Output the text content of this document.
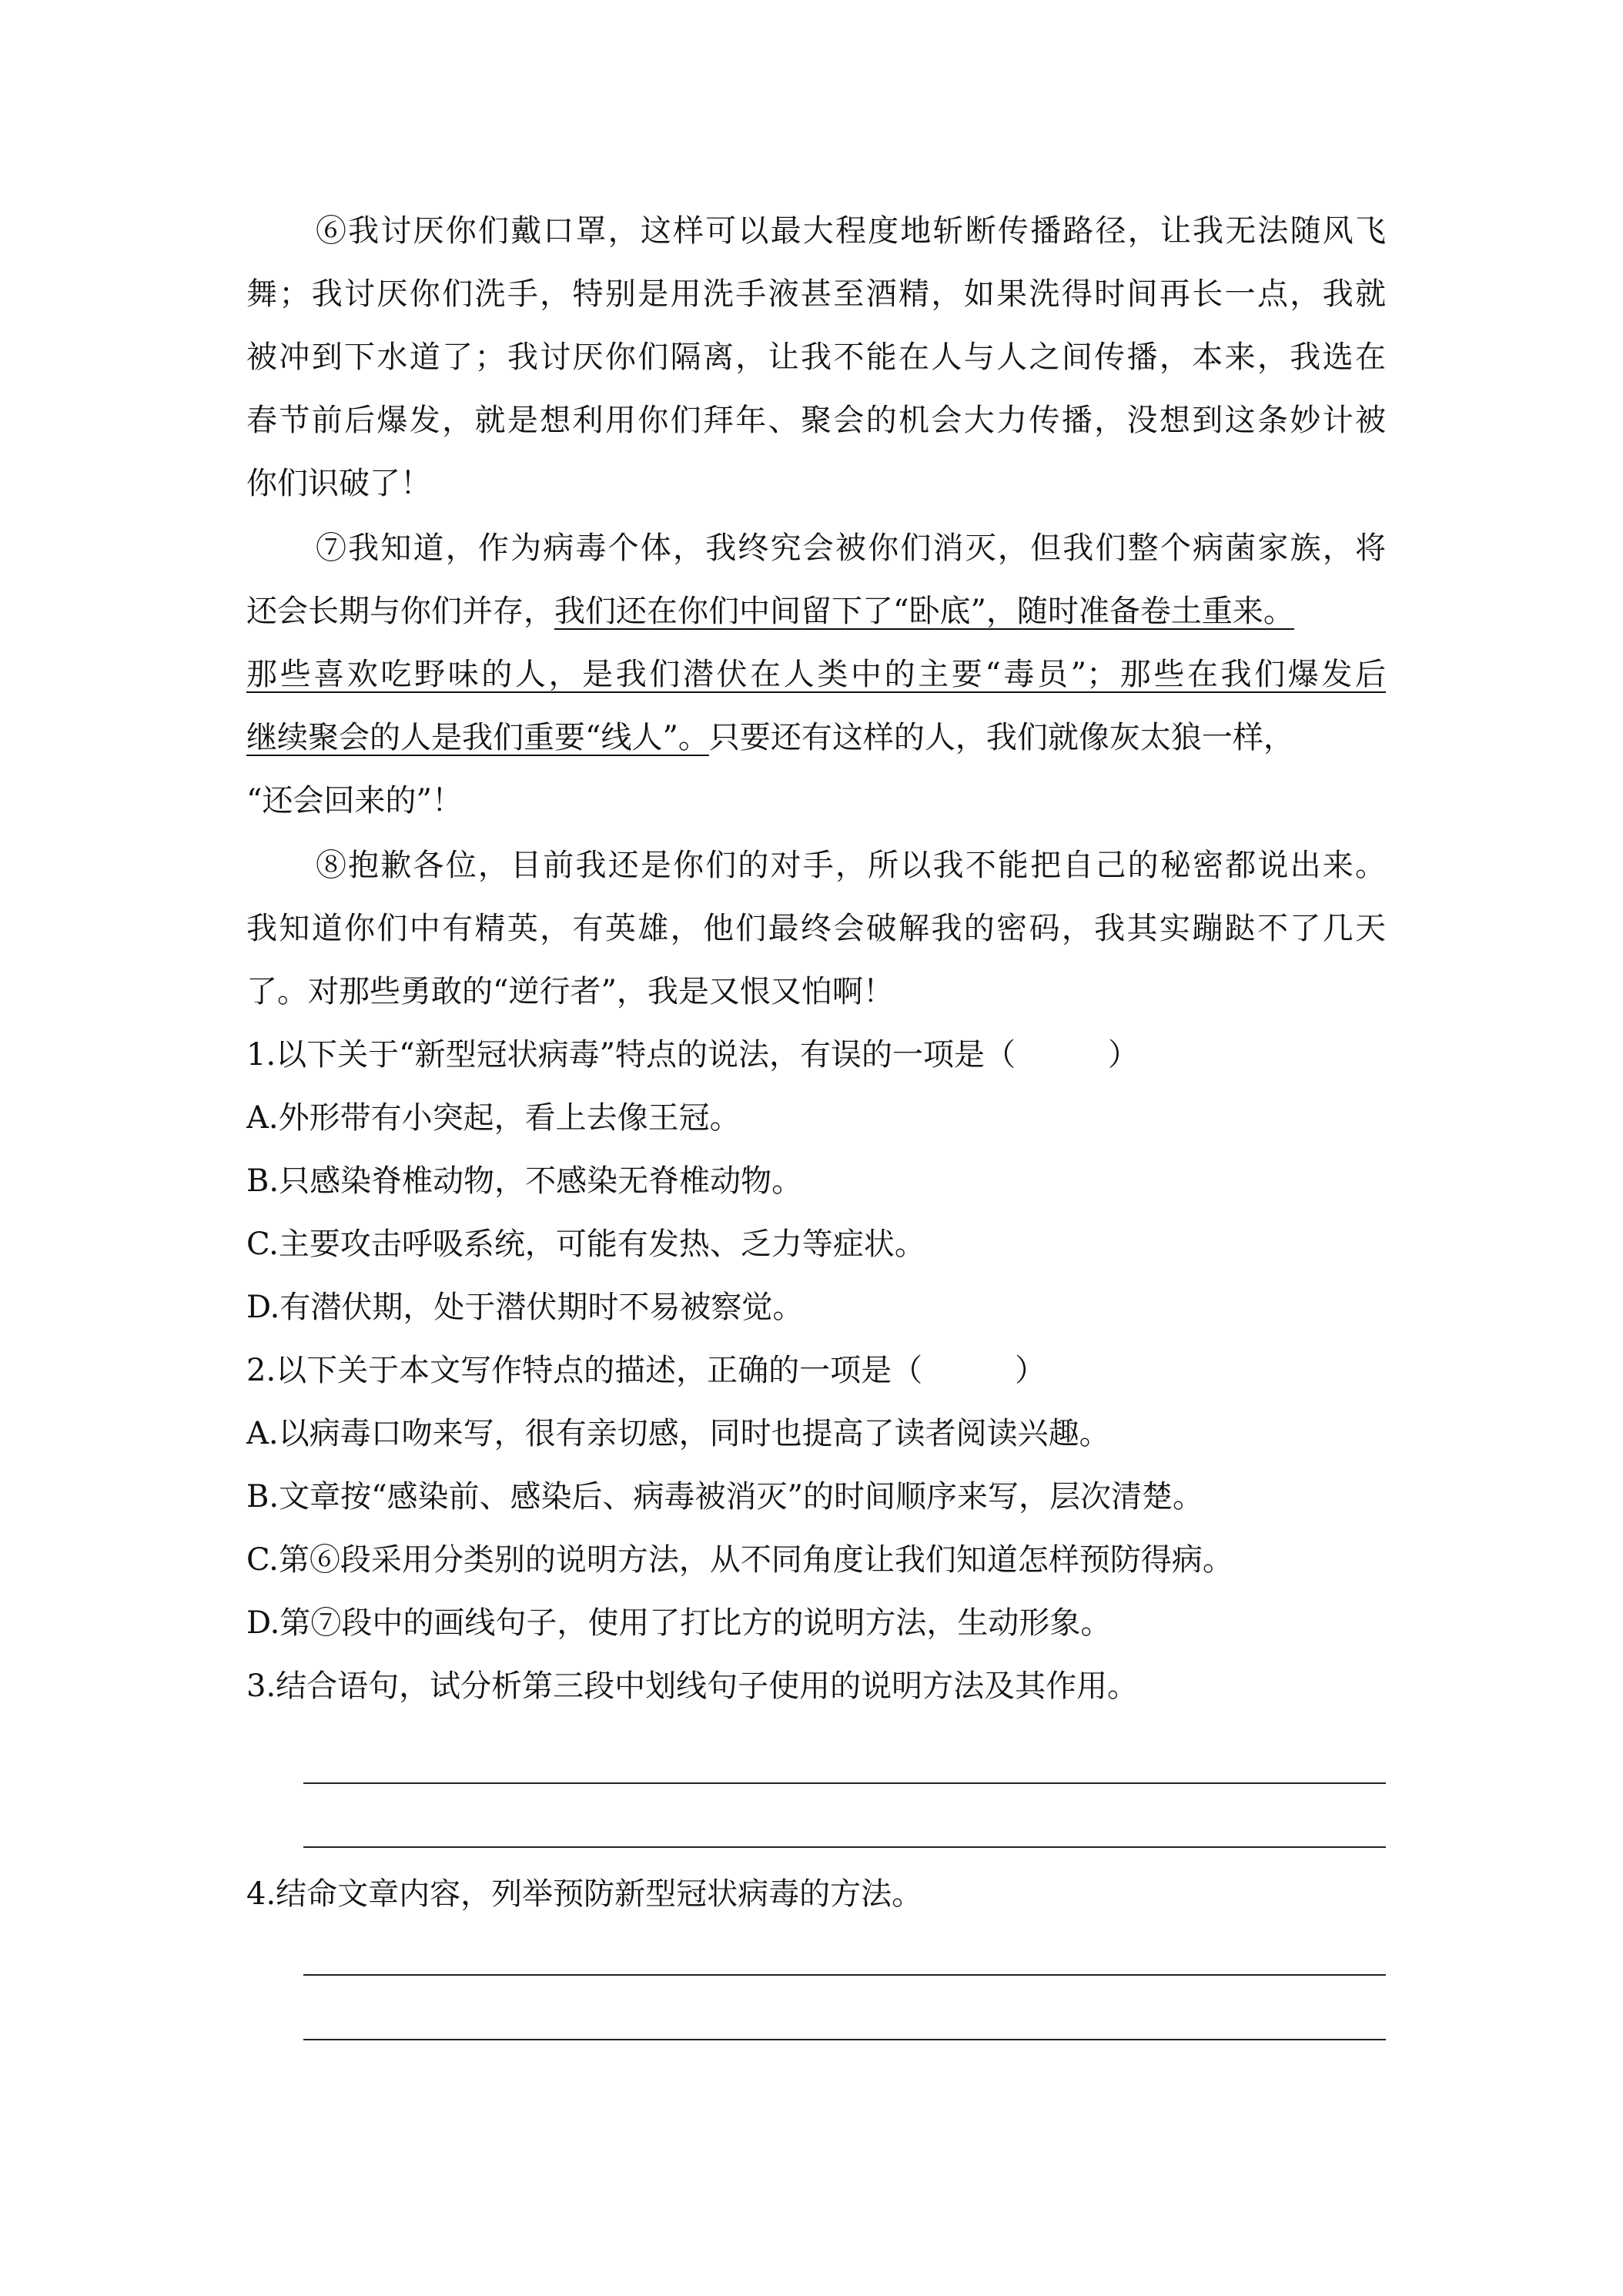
⑥我讨厌你们戴口罩，这样可以最大程度地斩断传播路径，让我无法随风飞
舞；我讨厌你们洗手，特别是用洗手液甚至酒精，如果洗得时间再长一点，我就
被冲到下水道了；我讨厌你们隔离，让我不能在人与人之间传播，本来，我选在
春节前后爆发，就是想利用你们拜年、聚会的机会大力传播，没想到这条妙计被
你们识破了！
⑦我知道，作为病毒个体，我终究会被你们消灭，但我们整个病菌家族，将
还会长期与你们并存，我们还在你们中间留下了“卧底”，随时准备卷土重来。
那些喜欢吃野味的人，是我们潜伏在人类中的主要“毒员”；那些在我们爆发后
继续聚会的人是我们重要“线人”。只要还有这样的人，我们就像灰太狼一样，
“还会回来的”！
⑧抱歉各位，目前我还是你们的对手，所以我不能把自己的秘密都说出来。
我知道你们中有精英，有英雄，他们最终会破解我的密码，我其实蹦跶不了几天
了。对那些勇敢的“逆行者”，我是又恨又怕啊！
1.以下关于“新型冠状病毒”特点的说法，有误的一项是（　　　）
A.外形带有小突起，看上去像王冠。
B.只感染脊椎动物，不感染无脊椎动物。
C.主要攻击呼吸系统，可能有发热、乏力等症状。
D.有潜伏期，处于潜伏期时不易被察觉。
2.以下关于本文写作特点的描述，正确的一项是（　　　）
A.以病毒口吻来写，很有亲切感，同时也提高了读者阅读兴趣。
B.文章按“感染前、感染后、病毒被消灭”的时间顺序来写，层次清楚。
C.第⑥段采用分类别的说明方法，从不同角度让我们知道怎样预防得病。
D.第⑦段中的画线句子，使用了打比方的说明方法，生动形象。
3.结合语句，试分析第三段中划线句子使用的说明方法及其作用。
4.结命文章内容，列举预防新型冠状病毒的方法。
